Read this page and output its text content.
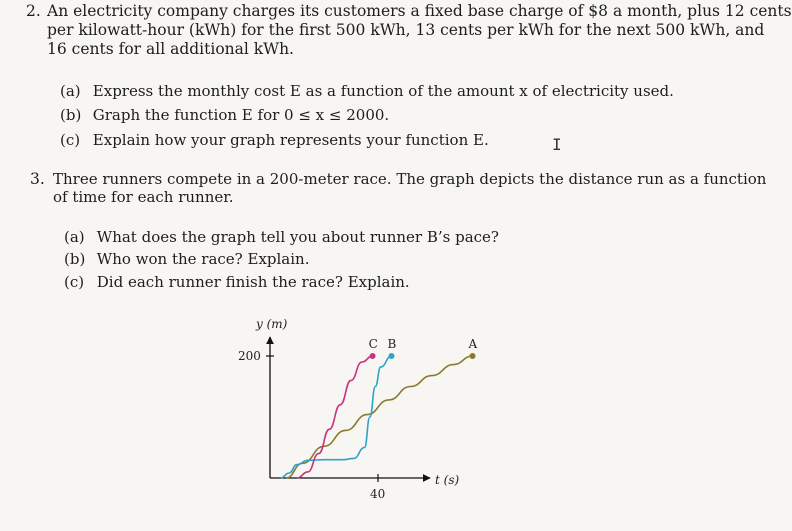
2. An electricity company charges its customers a fixed base charge of $8 a month, plus 12 cents
per kilowatt-hour (kWh) for the first 500 kWh, 13 cents per kWh for the next 500 kWh, and
16 cents for all additional kWh.
(a) Express the monthly cost E as a function of the amount x of electricity used.
(b) Graph the function E for 0 ≤ x ≤ 2000.
(c) Explain how your graph represents your function E.	I
3. Three runners compete in a 200-meter race. The graph depicts the distance run as a function
of time for each runner.
(a) What does the graph tell you about runner B’s pace?
(b) Who won the race? Explain.
(c) Did each runner finish the race? Explain.
y (m)
t (s)
200
40
C B	A
